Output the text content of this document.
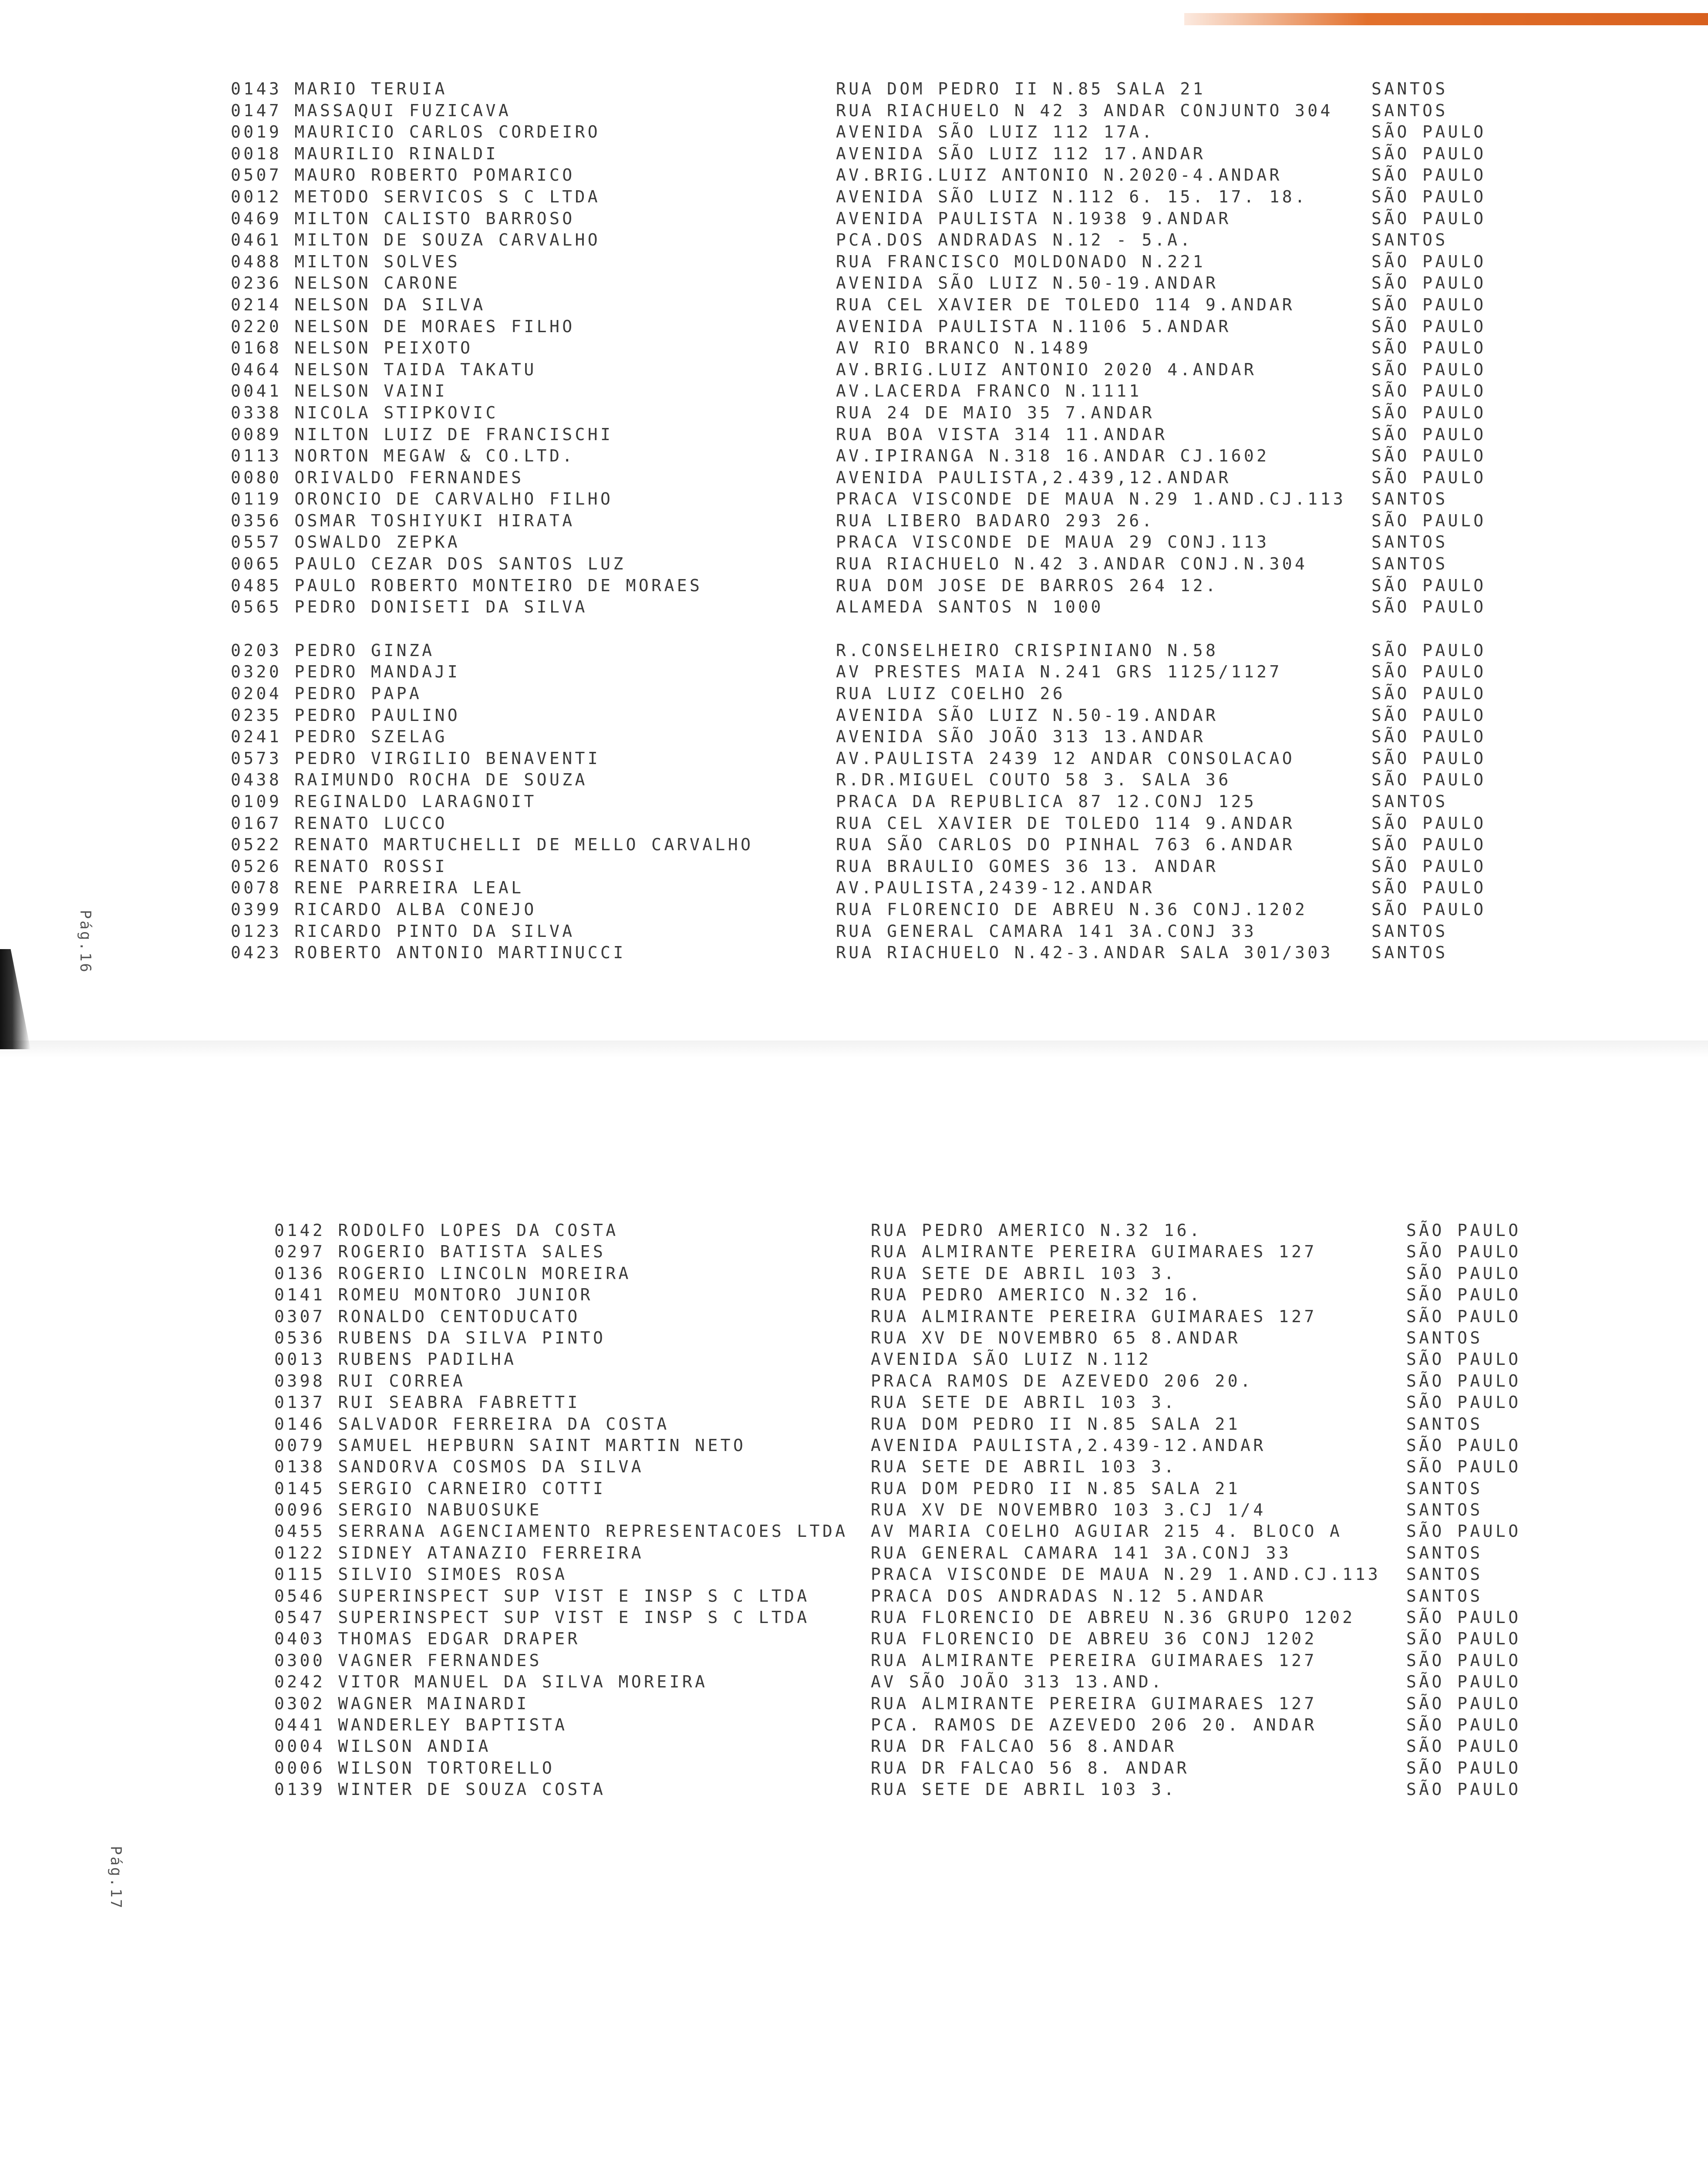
0143 MARIO TERUIA	RUA DOM PEDRO II N.85 SALA 21	SANTOS
0147 MASSAQUI FUZICAVA	RUA RIACHUELO N 42 3 ANDAR CONJUNTO 304 SANTOS
0019 MAURICIO CARLOS CORDEIRO	AVENIDA SÃO LUIZ 112 17A.	SÃO PAULO
0018 MAURILIO RINALDI	AVENIDA SÃO LUIZ 112 17.ANDAR	SÃO PAULO
0507 MAURO ROBERTO POMARICO	AV.BRIG.LUIZ ANTONIO N.2020-4.ANDAR	SÃO PAULO
0012 METODO SERVICOS S C LTDA	AVENIDA SÃO LUIZ N.112 6. 15. 17. 18.	SÃO PAULO
0469 MILTON CALISTO BARROSO	AVENIDA PAULISTA N.1938 9.ANDAR	SÃO PAULO
0461 MILTON DE SOUZA CARVALHO	PCA.DOS ANDRADAS N.12 - 5.A.	SANTOS
0488 MILTON SOLVES	RUA FRANCISCO MOLDONADO N.221	SÃO PAULO
0236 NELSON CARONE	AVENIDA SÃO LUIZ N.50-19.ANDAR	SÃO PAULO
0214 NELSON DA SILVA	RUA CEL XAVIER DE TOLEDO 114 9.ANDAR	SÃO PAULO
0220 NELSON DE MORAES FILHO	AVENIDA PAULISTA N.1106 5.ANDAR	SÃO PAULO
0168 NELSON PEIXOTO	AV RIO BRANCO N.1489	SÃO PAULO
0464 NELSON TAIDA TAKATU	AV.BRIG.LUIZ ANTONIO 2020 4.ANDAR	SÃO PAULO
0041 NELSON VAINI	AV.LACERDA FRANCO N.1111	SÃO PAULO
0338 NICOLA STIPKOVIC	RUA 24 DE MAIO 35 7.ANDAR	SÃO PAULO
0089 NILTON LUIZ DE FRANCISCHI	RUA BOA VISTA 314 11.ANDAR	SÃO PAULO
0113 NORTON MEGAW & CO.LTD.	AV.IPIRANGA N.318 16.ANDAR CJ.1602	SÃO PAULO
0080 ORIVALDO FERNANDES	AVENIDA PAULISTA,2.439,12.ANDAR	SÃO PAULO
0119 ORONCIO DE CARVALHO FILHO	PRACA VISCONDE DE MAUA N.29 1.AND.CJ.113 SANTOS
0356 OSMAR TOSHIYUKI HIRATA	RUA LIBERO BADARO 293 26.	SÃO PAULO
0557 OSWALDO ZEPKA	PRACA VISCONDE DE MAUA 29 CONJ.113	SANTOS
0065 PAULO CEZAR DOS SANTOS LUZ	RUA RIACHUELO N.42 3.ANDAR CONJ.N.304	SANTOS
0485 PAULO ROBERTO MONTEIRO DE MORAES	RUA DOM JOSE DE BARROS 264 12.	SÃO PAULO
0565 PEDRO DONISETI DA SILVA	ALAMEDA SANTOS N 1000	SÃO PAULO
0203 PEDRO GINZA	R.CONSELHEIRO CRISPINIANO N.58	SÃO PAULO
0320 PEDRO MANDAJI	AV PRESTES MAIA N.241 GRS 1125/1127	SÃO PAULO
0204 PEDRO PAPA	RUA LUIZ COELHO 26	SÃO PAULO
0235 PEDRO PAULINO	AVENIDA SÃO LUIZ N.50-19.ANDAR	SÃO PAULO
0241 PEDRO SZELAG	AVENIDA SÃO JOÃO 313 13.ANDAR	SÃO PAULO
0573 PEDRO VIRGILIO BENAVENTI	AV.PAULISTA 2439 12 ANDAR CONSOLACAO	SÃO PAULO
0438 RAIMUNDO ROCHA DE SOUZA	R.DR.MIGUEL COUTO 58 3. SALA 36	SÃO PAULO
0109 REGINALDO LARAGNOIT	PRACA DA REPUBLICA 87 12.CONJ 125	SANTOS
0167 RENATO LUCCO	RUA CEL XAVIER DE TOLEDO 114 9.ANDAR	SÃO PAULO
0522 RENATO MARTUCHELLI DE MELLO CARVALHO	RUA SÃO CARLOS DO PINHAL 763 6.ANDAR	SÃO PAULO
0526 RENATO ROSSI	RUA BRAULIO GOMES 36 13. ANDAR	SÃO PAULO
0078 RENE PARREIRA LEAL	AV.PAULISTA,2439-12.ANDAR	SÃO PAULO
0399 RICARDO ALBA CONEJO	RUA FLORENCIO DE ABREU N.36 CONJ.1202	SÃO PAULO
0123 RICARDO PINTO DA SILVA	RUA GENERAL CAMARA 141 3A.CONJ 33	SANTOS
0423 ROBERTO ANTONIO MARTINUCCI	RUA RIACHUELO N.42-3.ANDAR SALA 301/303 SANTOS
Pág.16
0142 RODOLFO LOPES DA COSTA	RUA PEDRO AMERICO N.32 16.	SÃO PAULO
0297 ROGERIO BATISTA SALES	RUA ALMIRANTE PEREIRA GUIMARAES 127	SÃO PAULO
0136 ROGERIO LINCOLN MOREIRA	RUA SETE DE ABRIL 103 3.	SÃO PAULO
0141 ROMEU MONTORO JUNIOR	RUA PEDRO AMERICO N.32 16.	SÃO PAULO
0307 RONALDO CENTODUCATO	RUA ALMIRANTE PEREIRA GUIMARAES 127	SÃO PAULO
0536 RUBENS DA SILVA PINTO	RUA XV DE NOVEMBRO 65 8.ANDAR	SANTOS
0013 RUBENS PADILHA	AVENIDA SÃO LUIZ N.112	SÃO PAULO
0398 RUI CORREA	PRACA RAMOS DE AZEVEDO 206 20.	SÃO PAULO
0137 RUI SEABRA FABRETTI	RUA SETE DE ABRIL 103 3.	SÃO PAULO
0146 SALVADOR FERREIRA DA COSTA	RUA DOM PEDRO II N.85 SALA 21	SANTOS
0079 SAMUEL HEPBURN SAINT MARTIN NETO	AVENIDA PAULISTA,2.439-12.ANDAR	SÃO PAULO
0138 SANDORVA COSMOS DA SILVA	RUA SETE DE ABRIL 103 3.	SÃO PAULO
0145 SERGIO CARNEIRO COTTI	RUA DOM PEDRO II N.85 SALA 21	SANTOS
0096 SERGIO NABUOSUKE	RUA XV DE NOVEMBRO 103 3.CJ 1/4	SANTOS
0455 SERRANA AGENCIAMENTO REPRESENTACOES LTDA AV MARIA COELHO AGUIAR 215 4. BLOCO A	SÃO PAULO
0122 SIDNEY ATANAZIO FERREIRA	RUA GENERAL CAMARA 141 3A.CONJ 33	SANTOS
0115 SILVIO SIMOES ROSA	PRACA VISCONDE DE MAUA N.29 1.AND.CJ.113 SANTOS
0546 SUPERINSPECT SUP VIST E INSP S C LTDA	PRACA DOS ANDRADAS N.12 5.ANDAR	SANTOS
0547 SUPERINSPECT SUP VIST E INSP S C LTDA	RUA FLORENCIO DE ABREU N.36 GRUPO 1202	SÃO PAULO
0403 THOMAS EDGAR DRAPER	RUA FLORENCIO DE ABREU 36 CONJ 1202	SÃO PAULO
0300 VAGNER FERNANDES	RUA ALMIRANTE PEREIRA GUIMARAES 127	SÃO PAULO
0242 VITOR MANUEL DA SILVA MOREIRA	AV SÃO JOÃO 313 13.AND.	SÃO PAULO
0302 WAGNER MAINARDI	RUA ALMIRANTE PEREIRA GUIMARAES 127	SÃO PAULO
0441 WANDERLEY BAPTISTA	PCA. RAMOS DE AZEVEDO 206 20. ANDAR	SÃO PAULO
0004 WILSON ANDIA	RUA DR FALCAO 56 8.ANDAR	SÃO PAULO
0006 WILSON TORTORELLO	RUA DR FALCAO 56 8. ANDAR	SÃO PAULO
0139 WINTER DE SOUZA COSTA	RUA SETE DE ABRIL 103 3.	SÃO PAULO
Pág.17
